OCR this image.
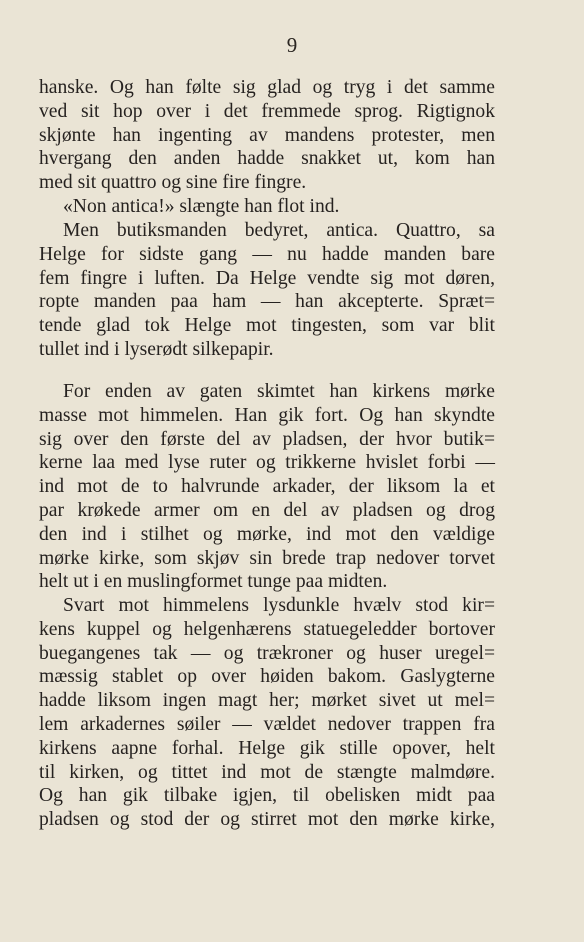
9
hanske. Og han følte sig glad og tryg i det samme
ved sit hop over i det fremmede sprog. Rigtignok
skjønte han ingenting av mandens protester, men
hvergang den anden hadde snakket ut, kom han
med sit quattro og sine fire fingre.
«Non antica!» slængte han flot ind.
Men butiksmanden bedyret, antica. Quattro, sa
Helge for sidste gang — nu hadde manden bare
fem fingre i luften. Da Helge vendte sig mot døren,
ropte manden paa ham — han akcepterte. Spræt=
tende glad tok Helge mot tingesten, som var blit
tullet ind i lyserødt silkepapir.
For enden av gaten skimtet han kirkens mørke
masse mot himmelen. Han gik fort. Og han skyndte
sig over den første del av pladsen, der hvor butik=
kerne laa med lyse ruter og trikkerne hvislet forbi —
ind mot de to halvrunde arkader, der liksom la et
par krøkede armer om en del av pladsen og drog
den ind i stilhet og mørke, ind mot den vældige
mørke kirke, som skjøv sin brede trap nedover torvet
helt ut i en muslingformet tunge paa midten.
Svart mot himmelens lysdunkle hvælv stod kir=
kens kuppel og helgenhærens statuegeledder bortover
buegangenes tak — og trækroner og huser uregel=
mæssig stablet op over høiden bakom. Gaslygterne
hadde liksom ingen magt her; mørket sivet ut mel=
lem arkadernes søiler — vældet nedover trappen fra
kirkens aapne forhal. Helge gik stille opover, helt
til kirken, og tittet ind mot de stængte malmdøre.
Og han gik tilbake igjen, til obelisken midt paa
pladsen og stod der og stirret mot den mørke kirke,
